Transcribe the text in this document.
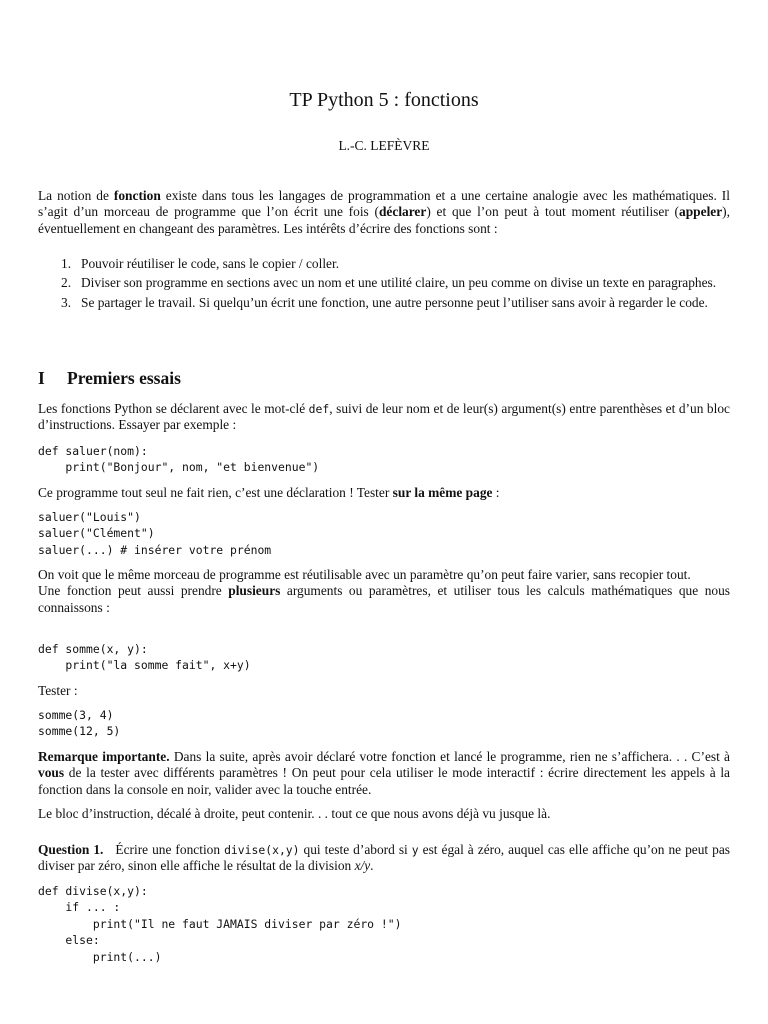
TP Python 5 : fonctions
L.-C. LEFÈVRE

La notion de fonction existe dans tous les langages de programmation et a une certaine analogie avec les mathématiques. Il s’agit d’un morceau de programme que l’on écrit une fois (déclarer) et que l’on peut à tout moment réutiliser (appeler), éventuellement en changeant des paramètres. Les intérêts d’écrire des fonctions sont :

1. Pouvoir réutiliser le code, sans le copier / coller.
2. Diviser son programme en sections avec un nom et une utilité claire, un peu comme on divise un texte en paragraphes.
3. Se partager le travail. Si quelqu’un écrit une fonction, une autre personne peut l’utiliser sans avoir à regarder le code.
I Premiers essais

Les fonctions Python se déclarent avec le mot-clé def, suivi de leur nom et de leur(s) argument(s) entre parenthèses et d’un bloc d’instructions. Essayer par exemple :

def saluer(nom):
print("Bonjour", nom, "et bienvenue")

Ce programme tout seul ne fait rien, c’est une déclaration ! Tester sur la même page :

saluer("Louis")
saluer("Clément")
saluer(...) # insérer votre prénom

On voit que le même morceau de programme est réutilisable avec un paramètre qu’on peut faire varier, sans recopier tout.
Une fonction peut aussi prendre plusieurs arguments ou paramètres, et utiliser tous les calculs mathématiques que nous connaissons :

def somme(x, y):
print("la somme fait", x+y)

Tester :

somme(3, 4)
somme(12, 5)

Remarque importante. Dans la suite, après avoir déclaré votre fonction et lancé le programme, rien ne s’affichera. . . C’est à vous de la tester avec différents paramètres ! On peut pour cela utiliser le mode interactif : écrire directement les appels à la fonction dans la console en noir, valider avec la touche entrée.

Le bloc d’instruction, décalé à droite, peut contenir. . . tout ce que nous avons déjà vu jusque là.

Question 1. Écrire une fonction divise(x,y) qui teste d’abord si y est égal à zéro, auquel cas elle affiche qu’on ne peut pas diviser par zéro, sinon elle affiche le résultat de la division x/y.

def divise(x,y):
if ... :
print("Il ne faut JAMAIS diviser par zéro !")
else:
print(...)
